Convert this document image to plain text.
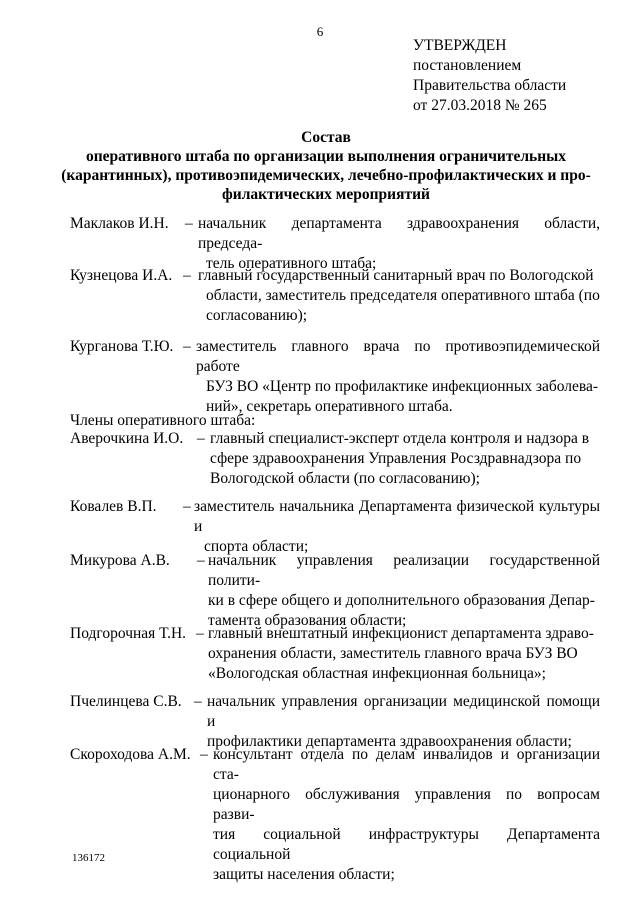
6
УТВЕРЖДЕН
постановлением
Правительства области
от 27.03.2018 № 265
Состав
оперативного штаба по организации выполнения ограничительных
(карантинных), противоэпидемических, лечебно-профилактических и про-
филактических мероприятий
Маклаков И.Н. – начальник департамента здравоохранения области, председа-
тель оперативного штаба;
Кузнецова И.А. – главный государственный санитарный врач по Вологодской
области, заместитель председателя оперативного штаба (по
согласованию);
Курганова Т.Ю. – заместитель главного врача по противоэпидемической работе
БУЗ ВО «Центр по профилактике инфекционных заболева-
ний», секретарь оперативного штаба.
Члены оперативного штаба:
Аверочкина И.О. – главный специалист-эксперт отдела контроля и надзора в
сфере здравоохранения Управления Росздравнадзора по
Вологодской области (по согласованию);
Ковалев В.П. – заместитель начальника Департамента физической культуры и
спорта области;
Микурова А.В. – начальник управления реализации государственной полити-
ки в сфере общего и дополнительного образования Депар-
тамента образования области;
Подгорочная Т.Н. – главный внештатный инфекционист департамента здраво-
охранения области, заместитель главного врача БУЗ ВО
«Вологодская областная инфекционная больница»;
Пчелинцева С.В. – начальник управления организации медицинской помощи и
профилактики департамента здравоохранения области;
Скороходова А.М. – консультант отдела по делам инвалидов и организации ста-
ционарного обслуживания управления по вопросам разви-
тия социальной инфраструктуры Департамента социальной
защиты населения области;
136172
